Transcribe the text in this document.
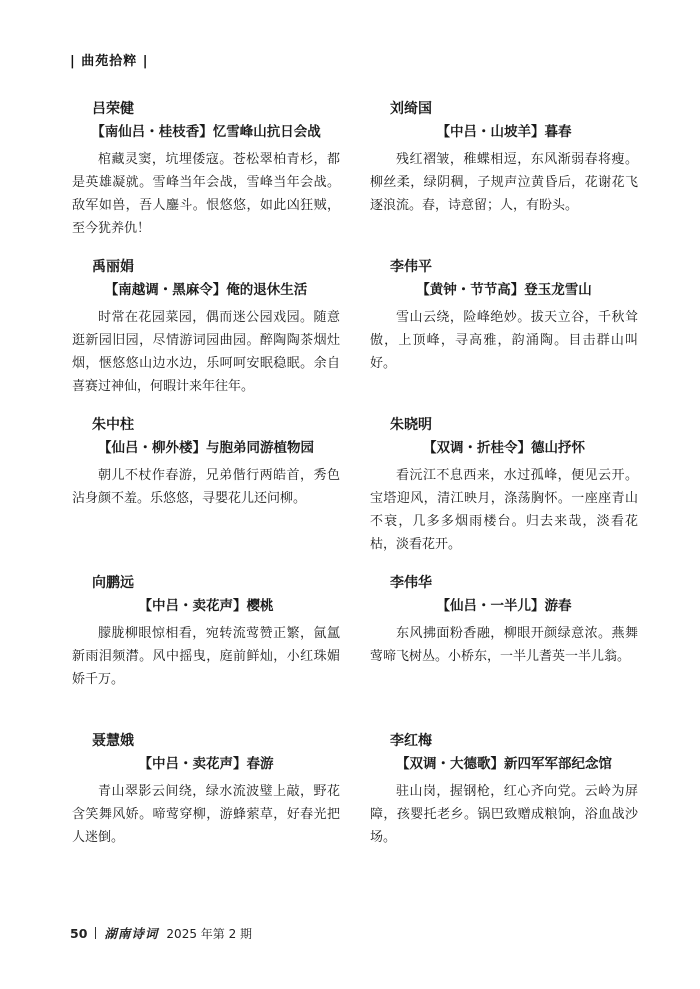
| 曲苑拾粹 |
吕荣健
【南仙吕・桂枝香】忆雪峰山抗日会战
棺藏灵窦，坑埋倭寇。苍松翠柏青杉，都是英雄凝就。雪峰当年会战，雪峰当年会战。敌军如兽，吾人鏖斗。恨悠悠，如此凶狂贼，至今犹养仇！
禹丽娟
【南越调・黑麻令】俺的退休生活
时常在花园菜园，偶而迷公园戏园。随意逛新园旧园，尽情游词园曲园。醉陶陶茶烟灶烟，惬悠悠山边水边，乐呵呵安眠稳眠。余自喜赛过神仙，何暇计来年往年。
朱中柱
【仙吕・柳外楼】与胞弟同游植物园
朝儿不杖作春游，兄弟偕行两皓首，秀色沾身颜不羞。乐悠悠，寻嬰花儿还问柳。
向鹏远
【中吕・卖花声】樱桃
朦胧柳眼惊相看，宛转流莺赞正繁，氤氲新雨泪频潸。风中摇曳，庭前鲜灿，小红珠媚娇千万。
聂慧娥
【中吕・卖花声】春游
青山翠影云间绕，绿水流波璧上敲，野花含笑舞风娇。啼莺穿柳，游蜂萦草，好春光把人迷倒。
刘绮国
【中吕・山坡羊】暮春
残红褶皱，稚蝶相逗，东风渐弱春将瘦。柳丝柔，绿阴稠，子规声泣黄昏后，花谢花飞逐浪流。春，诗意留；人，有盼头。
李伟平
【黄钟・节节高】登玉龙雪山
雪山云绕，险峰绝妙。拔天立谷，千秋耸傲，上顶峰，寻高雅，韵涌陶。目击群山叫好。
朱晓明
【双调・折桂令】德山抒怀
看沅江不息西来，水过孤峰，便见云开。宝塔迎风，清江映月，涤荡胸怀。一座座青山不衰，几多多烟雨楼台。归去来哉，淡看花枯，淡看花开。
李伟华
【仙吕・一半儿】游春
东风拂面粉香融，柳眼开颜绿意浓。燕舞莺啼飞树丛。小桥东，一半儿耆英一半儿翁。
李红梅
【双调・大德歌】新四军军部纪念馆
驻山岗，握钢枪，红心齐向党。云岭为屏障，孩婴托老乡。锅巴致赠成粮饷，浴血战沙场。
50 湖南诗词 2025 年第 2 期
